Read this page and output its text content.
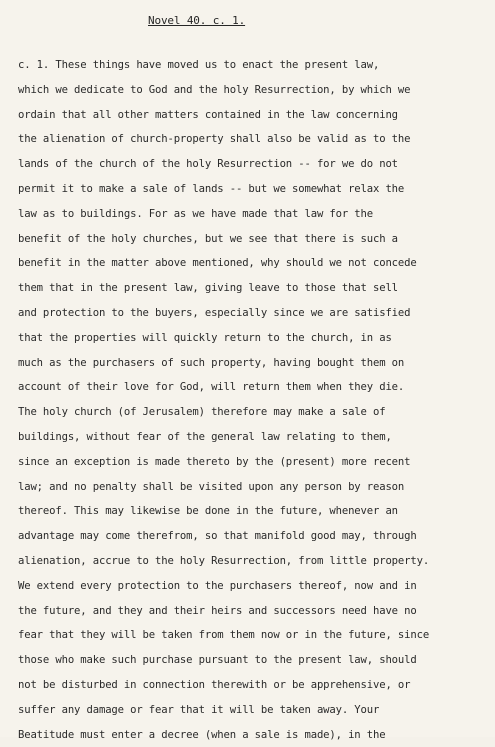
Novel 40. c. 1.
c. 1. These things have moved us to enact the present law,
which we dedicate to God and the holy Resurrection, by which we
ordain that all other matters contained in the law concerning
the alienation of church-property shall also be valid as to the
lands of the church of the holy Resurrection -- for we do not
permit it to make a sale of lands -- but we somewhat relax the
law as to buildings. For as we have made that law for the
benefit of the holy churches, but we see that there is such a
benefit in the matter above mentioned, why should we not concede
them that in the present law, giving leave to those that sell
and protection to the buyers, especially since we are satisfied
that the properties will quickly return to the church, in as
much as the purchasers of such property, having bought them on
account of their love for God, will return them when they die.
The holy church (of Jerusalem) therefore may make a sale of
buildings, without fear of the general law relating to them,
since an exception is made thereto by the (present) more recent
law; and no penalty shall be visited upon any person by reason
thereof. This may likewise be done in the future, whenever an
advantage may come therefrom, so that manifold good may, through
alienation, accrue to the holy Resurrection, from little property.
We extend every protection to the purchasers thereof, now and in
the future, and they and their heirs and successors need have no
fear that they will be taken from them now or in the future, since
those who make such purchase pursuant to the present law, should
not be disturbed in connection therewith or be apprehensive, or
suffer any damage or fear that it will be taken away. Your
Beatitude must enter a decree (when a sale is made), in the
